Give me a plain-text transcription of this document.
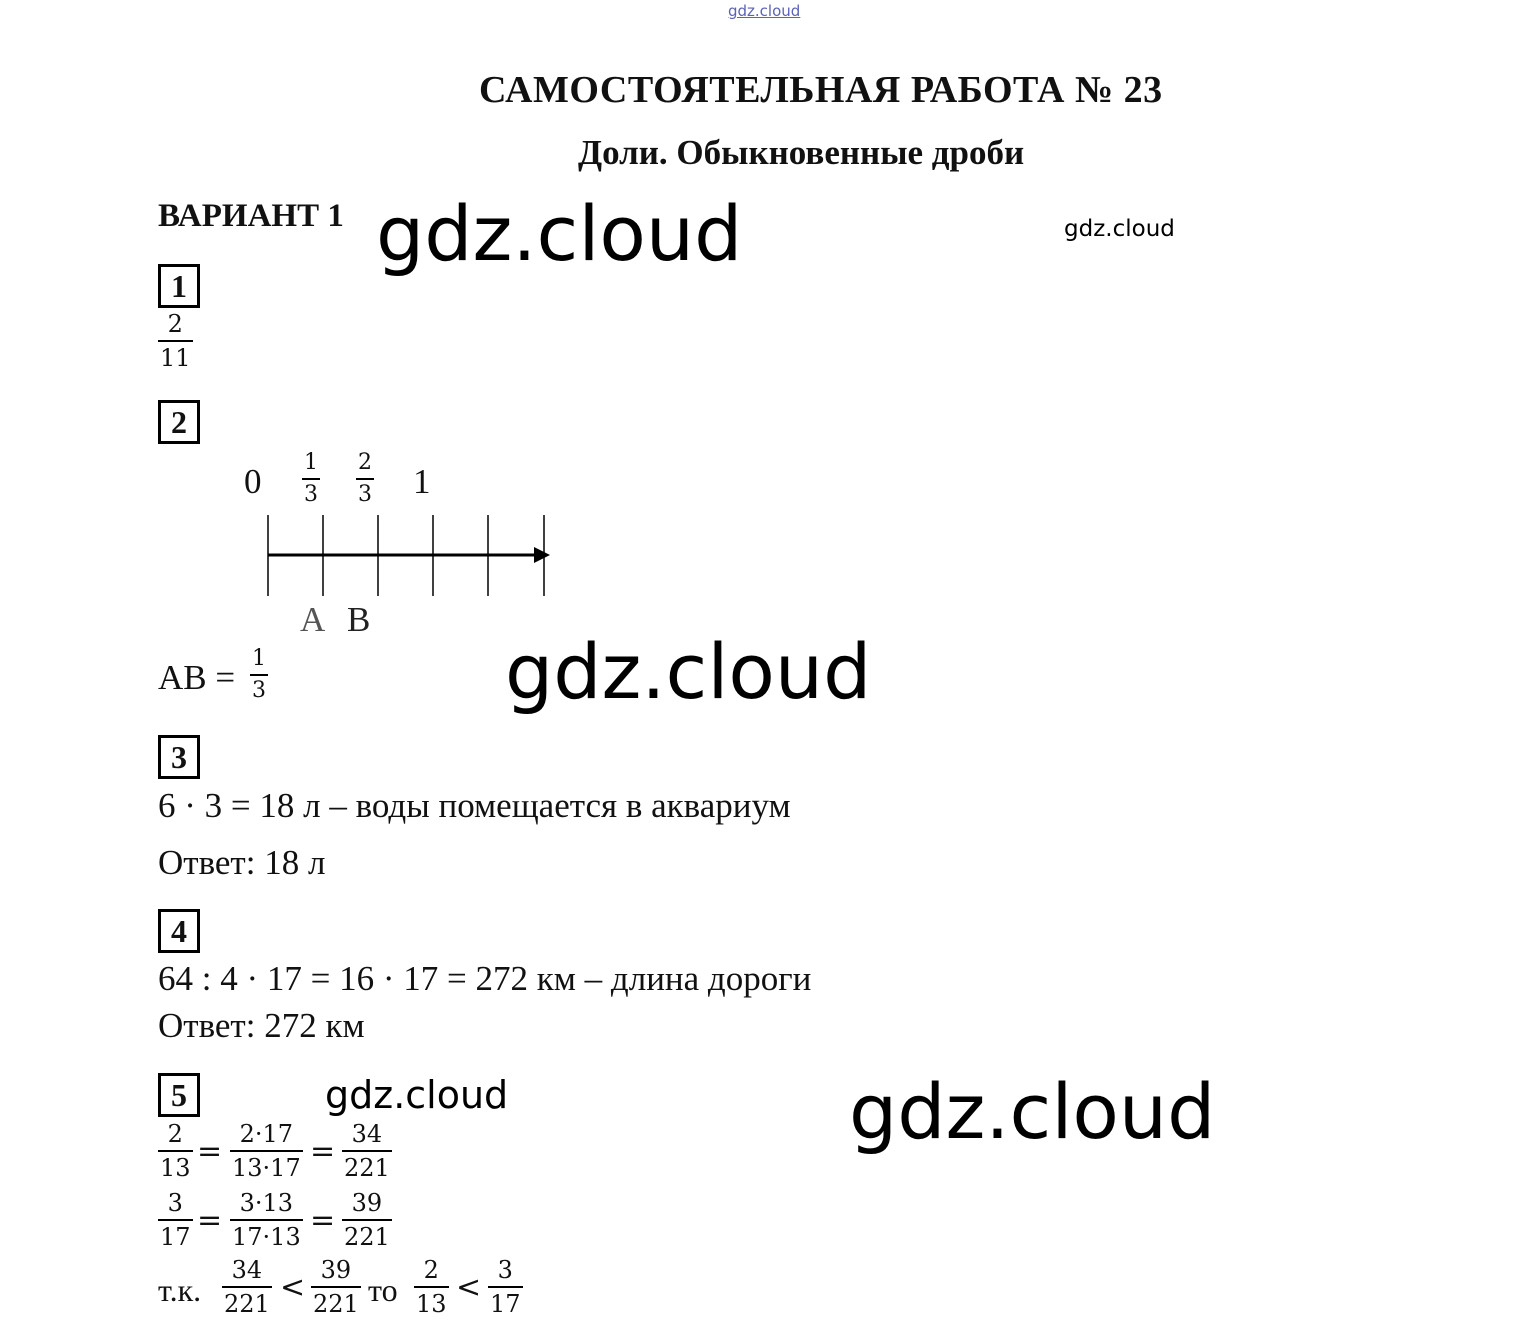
gdz.cloud
gdz.cloud
gdz.cloud
gdz.cloud
gdz.cloud	gdz.cloud
САМОСТОЯТЕЛЬНАЯ РАБОТА № 23
Доли. Обыкновенные дроби
ВАРИАНТ 1
1
$\frac{2}{11}$
2
$0 \frac{1}{3} \frac{2}{3} 1$
A B
AB = $\frac{1}{3}$
3
6 · 3 = 18 л – воды помещается в аквариум
Ответ: 18 л
4
64 : 4 · 17 = 16 · 17 = 272 км – длина дороги
Ответ: 272 км
5
$\frac{2}{13} = \frac{2\cdot 17}{13\cdot 17} = \frac{34}{221}$
$\frac{3}{17} = \frac{3\cdot 13}{17\cdot 13} = \frac{39}{221}$
т.к. $\frac{34}{221} < \frac{39}{221}$ то $\frac{2}{13} < \frac{3}{17}$
